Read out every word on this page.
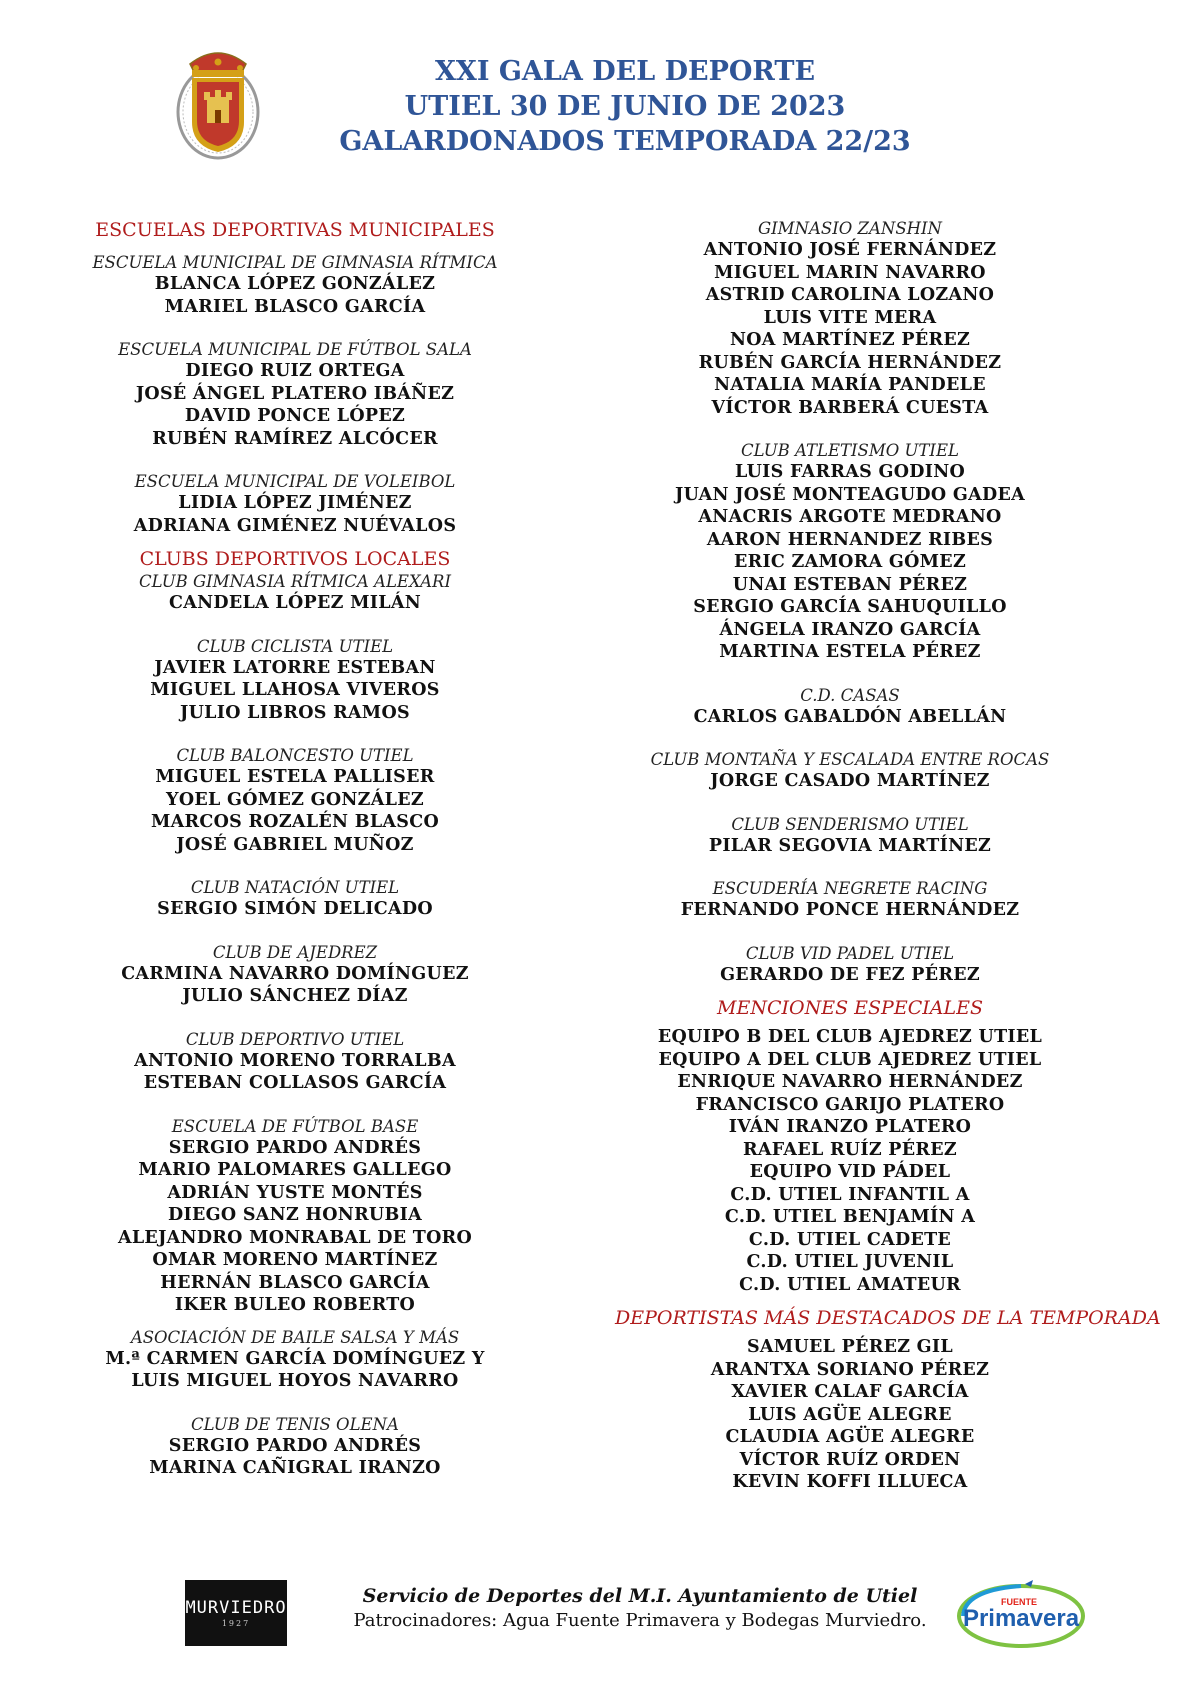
XXI GALA DEL DEPORTE
UTIEL 30 DE JUNIO DE 2023
GALARDONADOS TEMPORADA 22/23
ESCUELAS DEPORTIVAS MUNICIPALES
ESCUELA MUNICIPAL DE GIMNASIA RÍTMICA
BLANCA LÓPEZ GONZÁLEZ
MARIEL BLASCO GARCÍA
ESCUELA MUNICIPAL DE FÚTBOL SALA
DIEGO RUIZ ORTEGA
JOSÉ ÁNGEL PLATERO IBÁÑEZ
DAVID PONCE LÓPEZ
RUBÉN RAMÍREZ ALCÓCER
ESCUELA MUNICIPAL DE VOLEIBOL
LIDIA LÓPEZ JIMÉNEZ
ADRIANA GIMÉNEZ NUÉVALOS
CLUBS DEPORTIVOS LOCALES
CLUB GIMNASIA RÍTMICA ALEXARI
CANDELA LÓPEZ MILÁN
CLUB CICLISTA UTIEL
JAVIER LATORRE ESTEBAN
MIGUEL LLAHOSA VIVEROS
JULIO LIBROS RAMOS
CLUB BALONCESTO UTIEL
MIGUEL ESTELA PALLISER
YOEL GÓMEZ GONZÁLEZ
MARCOS ROZALÉN BLASCO
JOSÉ GABRIEL MUÑOZ
CLUB NATACIÓN UTIEL
SERGIO SIMÓN DELICADO
CLUB DE AJEDREZ
CARMINA NAVARRO DOMÍNGUEZ
JULIO SÁNCHEZ DÍAZ
CLUB DEPORTIVO UTIEL
ANTONIO MORENO TORRALBA
ESTEBAN COLLASOS GARCÍA
ESCUELA DE FÚTBOL BASE
SERGIO PARDO ANDRÉS
MARIO PALOMARES GALLEGO
ADRIÁN YUSTE MONTÉS
DIEGO SANZ HONRUBIA
ALEJANDRO MONRABAL DE TORO
OMAR MORENO MARTÍNEZ
HERNÁN BLASCO GARCÍA
IKER BULEO ROBERTO
ASOCIACIÓN DE BAILE SALSA Y MÁS
M.ª CARMEN GARCÍA DOMÍNGUEZ Y
LUIS MIGUEL HOYOS NAVARRO
CLUB DE TENIS OLENA
SERGIO PARDO ANDRÉS
MARINA CAÑIGRAL IRANZO
GIMNASIO ZANSHIN
ANTONIO JOSÉ FERNÁNDEZ
MIGUEL MARIN NAVARRO
ASTRID CAROLINA LOZANO
LUIS VITE MERA
NOA MARTÍNEZ PÉREZ
RUBÉN GARCÍA HERNÁNDEZ
NATALIA MARÍA PANDELE
VÍCTOR BARBERÁ CUESTA
CLUB ATLETISMO UTIEL
LUIS FARRAS GODINO
JUAN JOSÉ MONTEAGUDO GADEA
ANACRIS ARGOTE MEDRANO
AARON HERNANDEZ RIBES
ERIC ZAMORA GÓMEZ
UNAI ESTEBAN PÉREZ
SERGIO GARCÍA SAHUQUILLO
ÁNGELA IRANZO GARCÍA
MARTINA ESTELA PÉREZ
C.D. CASAS
CARLOS GABALDÓN ABELLÁN
CLUB MONTAÑA Y ESCALADA ENTRE ROCAS
JORGE CASADO MARTÍNEZ
CLUB SENDERISMO UTIEL
PILAR SEGOVIA MARTÍNEZ
ESCUDERÍA NEGRETE RACING
FERNANDO PONCE HERNÁNDEZ
CLUB VID PADEL UTIEL
GERARDO DE FEZ PÉREZ
MENCIONES ESPECIALES
EQUIPO B DEL CLUB AJEDREZ UTIEL
EQUIPO A DEL CLUB AJEDREZ UTIEL
ENRIQUE NAVARRO HERNÁNDEZ
FRANCISCO GARIJO PLATERO
IVÁN IRANZO PLATERO
RAFAEL RUÍZ PÉREZ
EQUIPO VID PÁDEL
C.D. UTIEL INFANTIL A
C.D. UTIEL BENJAMÍN A
C.D. UTIEL CADETE
C.D. UTIEL JUVENIL
C.D. UTIEL AMATEUR
DEPORTISTAS MÁS DESTACADOS DE LA TEMPORADA
SAMUEL PÉREZ GIL
ARANTXA SORIANO PÉREZ
XAVIER CALAF GARCÍA
LUIS AGÜE ALEGRE
CLAUDIA AGÜE ALEGRE
VÍCTOR RUÍZ ORDEN
KEVIN KOFFI ILLUECA
MURVIEDRO
1927
Servicio de Deportes del M.I. Ayuntamiento de Utiel
Patrocinadores: Agua Fuente Primavera y Bodegas Murviedro.
FUENTE
Primavera
